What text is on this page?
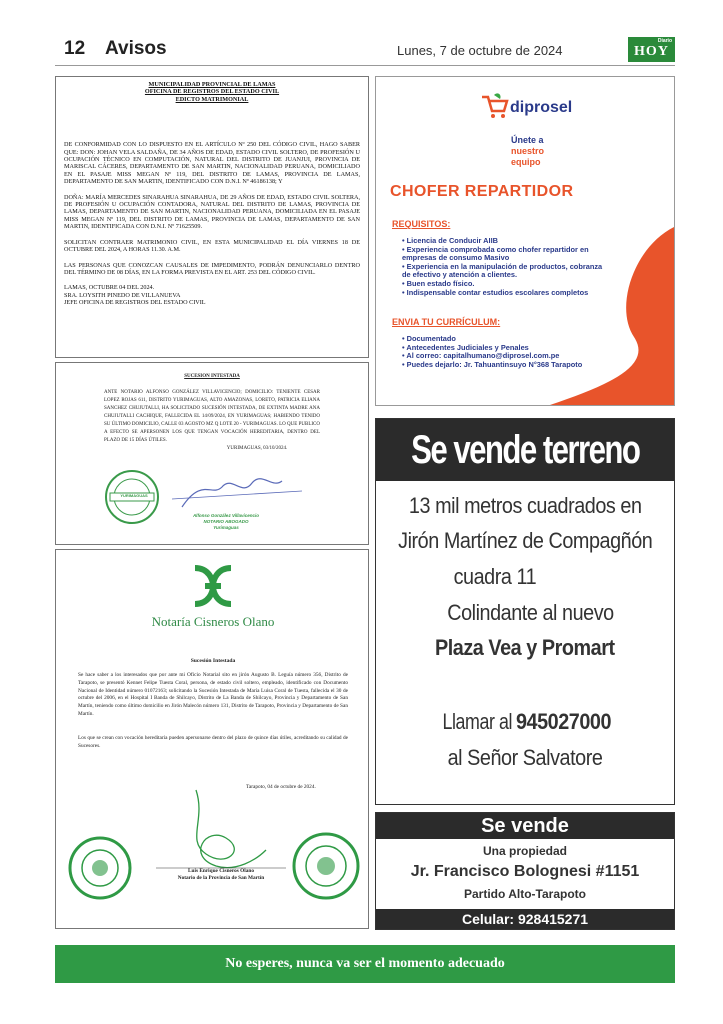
12 Avisos	Lunes, 7 de octubre de 2024
Diario
HOY
MUNICIPALIDAD PROVINCIAL DE LAMAS
OFICINA DE REGISTROS DEL ESTADO CIVIL
EDICTO MATRIMONIAL

DE CONFORMIDAD CON LO DISPUESTO EN EL ARTÍCULO Nº 250 DEL CÓDIGO CIVIL, HAGO SABER QUE: DON: JOHAN VELA SALDAÑA, DE 34 AÑOS DE EDAD, ESTADO CIVIL SOLTERO, DE PROFESIÓN U OCUPACIÓN TÉCNICO EN COMPUTACIÓN, NATURAL DEL DISTRITO DE JUANJUI, PROVINCIA DE MARISCAL CÁCERES, DEPARTAMENTO DE SAN MARTIN, NACIONALIDAD PERUANA, DOMICILIADO EN EL PASAJE MISS MEGAN Nº 119, DEL DISTRITO DE LAMAS, PROVINCIA DE LAMAS, DEPARTAMENTO DE SAN MARTIN, IDENTIFICADO CON D.N.I. Nº 46186138; Y

DOÑA: MARÍA MERCEDES SINARAHUA SINARAHUA, DE 29 AÑOS DE EDAD, ESTADO CIVIL SOLTERA, DE PROFESIÓN U OCUPACIÓN CONTADORA, NATURAL DEL DISTRITO DE LAMAS, PROVINCIA DE LAMAS, DEPARTAMENTO DE SAN MARTIN, NACIONALIDAD PERUANA, DOMICILIADA EN EL PASAJE MISS MEGAN Nº 119, DEL DISTRITO DE LAMAS, PROVINCIA DE LAMAS, DEPARTAMENTO DE SAN MARTIN, IDENTIFICADA CON D.N.I. Nº 71625509.

SOLICITAN CONTRAER MATRIMONIO CIVIL, EN ESTA MUNICIPALIDAD EL DÍA VIERNES 18 DE OCTUBRE DEL 2024, A HORAS 11.30. A.M.

LAS PERSONAS QUE CONOZCAN CAUSALES DE IMPEDIMENTO, PODRÁN DENUNCIARLO DENTRO DEL TÉRMINO DE 08 DÍAS, EN LA FORMA PREVISTA EN EL ART. 253 DEL CÓDIGO CIVIL.

LAMAS, OCTUBRE 04 DEL 2024.
SRA. LOYSITH PINEDO DE VILLANUEVA
JEFE OFICINA DE REGISTROS DEL ESTADO CIVIL
SUCESION INTESTADA
ANTE NOTARIO ALFONSO GONZÁLEZ VILLAVICENCIO; DOMICILIO: TENIENTE CESAR LOPEZ ROJAS 611, DISTRITO YURIMAGUAS, ALTO AMAZONAS, LORETO, PATRICIA ELIANA SANCHEZ CHUJUTALLI, HA SOLICITADO SUCESIÓN INTESTADA, DE EXTINTA MADRE ANA CHUJUTALLI CACHIQUE, FALLECIDA EL 14/09/2024, EN YURIMAGUAS; HABIENDO TENIDO SU ÚLTIMO DOMICILIO, CALLE 03 AGOSTO MZ Q LOTE 20 - YURIMAGUAS. LO QUE PUBLICO A EFECTO SE APERSONEN LOS QUE TENGAN VOCACIÓN HEREDITARIA, DENTRO DEL PLAZO DE 15 DÍAS ÚTILES.
YURIMAGUAS, 03/10/2024.
YURIMAGUAS
Alfonso González Villavicencio
NOTARIO ABOGADO
Yurimaguas
Notaría Cisneros Olano
Sucesión Intestada
Se hace saber a los interesados que por ante mi Oficio Notarial sito en jirón Augusto B. Leguía número 356, Distrito de Tarapoto, se presentó Kennet Felipe Tuesta Coral, persona, de estado civil soltero, empleado, identificado con Documento Nacional de Identidad número 01072163; solicitando la Sucesión Intestada de María Luisa Coral de Tuesta, fallecida el 30 de octubre del 2006, en el Hospital I Banda de Shilcayo, Distrito de La Banda de Shilcayo, Provincia y Departamento de San Martín, teniendo como último domicilio en Jirón Malecón número 131, Distrito de Tarapoto, Provincia y Departamento de San Martín.
Los que se crean con vocación hereditaria pueden apersonarse dentro del plazo de quince días útiles, acreditando su calidad de Sucesores.
Tarapoto, 04 de octubre de 2024.
Luis Enrique Cisneros Olano
Notario de la Provincia de San Martín
diprosel
Únete a
nuestro
equipo
CHOFER REPARTIDOR
REQUISITOS:
• Licencia de Conducir AIIB
• Experiencia comprobada como chofer repartidor en empresas de consumo Masivo
• Experiencia en la manipulación de productos, cobranza de efectivo y atención a clientes.
• Buen estado físico.
• Indispensable contar estudios escolares completos
ENVIA TU CURRÍCULUM:
• Documentado
• Antecedentes Judiciales y Penales
• Al correo: capitalhumano@diprosel.com.pe
• Puedes dejarlo: Jr. Tahuantinsuyo N°368 Tarapoto
Se vende terreno
13 mil metros cuadrados en
Jirón Martínez de Compagñón
cuadra 11
Colindante al nuevo
Plaza Vea y Promart
Llamar al945027000
al Señor Salvatore
Se vende
Una propiedad
Jr. Francisco Bolognesi #1151
Partido Alto-Tarapoto
Celular: 928415271
No esperes, nunca va ser el momento adecuado
